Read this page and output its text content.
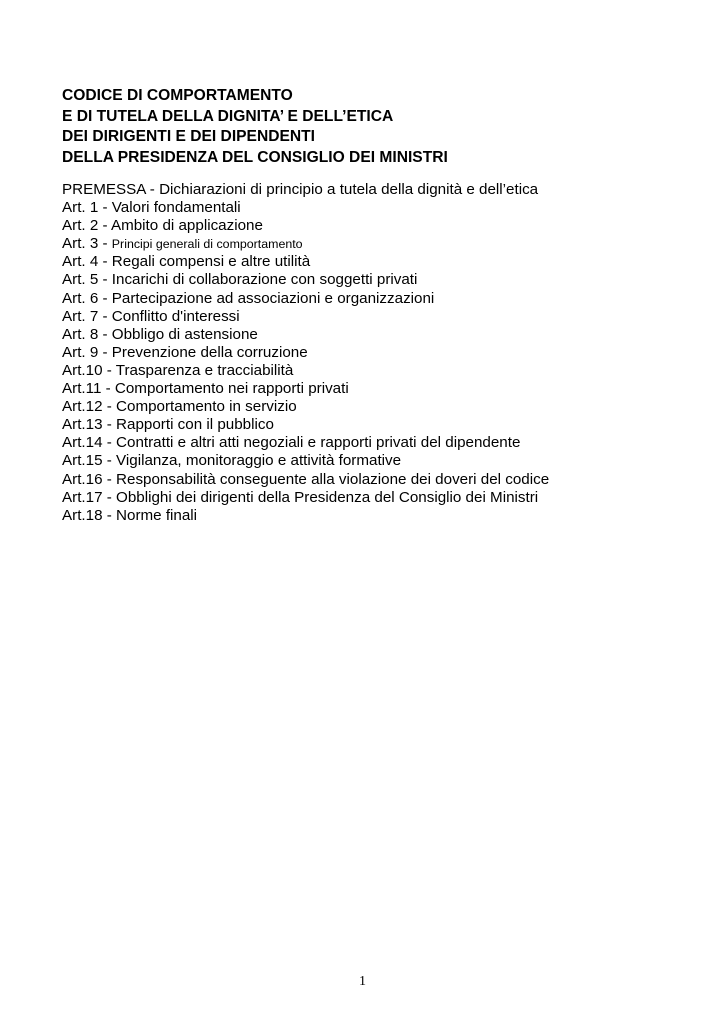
CODICE DI COMPORTAMENTO

E DI TUTELA DELLA DIGNITA’ E DELL’ETICA

DEI DIRIGENTI E DEI DIPENDENTI

DELLA PRESIDENZA DEL CONSIGLIO DEI MINISTRI

PREMESSA - Dichiarazioni di principio a tutela della dignità e dell’etica

Art. 1 - Valori fondamentali

Art. 2 - Ambito di applicazione

Art. 3 - Principi generali di comportamento

Art. 4 - Regali compensi e altre utilità

Art. 5 - Incarichi di collaborazione con soggetti privati

Art. 6 - Partecipazione ad associazioni e organizzazioni

Art. 7 - Conflitto d'interessi

Art. 8 - Obbligo di astensione

Art. 9 - Prevenzione della corruzione

Art.10 - Trasparenza e tracciabilità

Art.11 - Comportamento nei rapporti privati

Art.12 - Comportamento in servizio

Art.13 - Rapporti con il pubblico

Art.14 - Contratti e altri atti negoziali e rapporti privati del dipendente

Art.15 - Vigilanza, monitoraggio e attività formative

Art.16 - Responsabilità conseguente alla violazione dei doveri del codice

Art.17 - Obblighi dei dirigenti della Presidenza del Consiglio dei Ministri

Art.18 - Norme finali

1
